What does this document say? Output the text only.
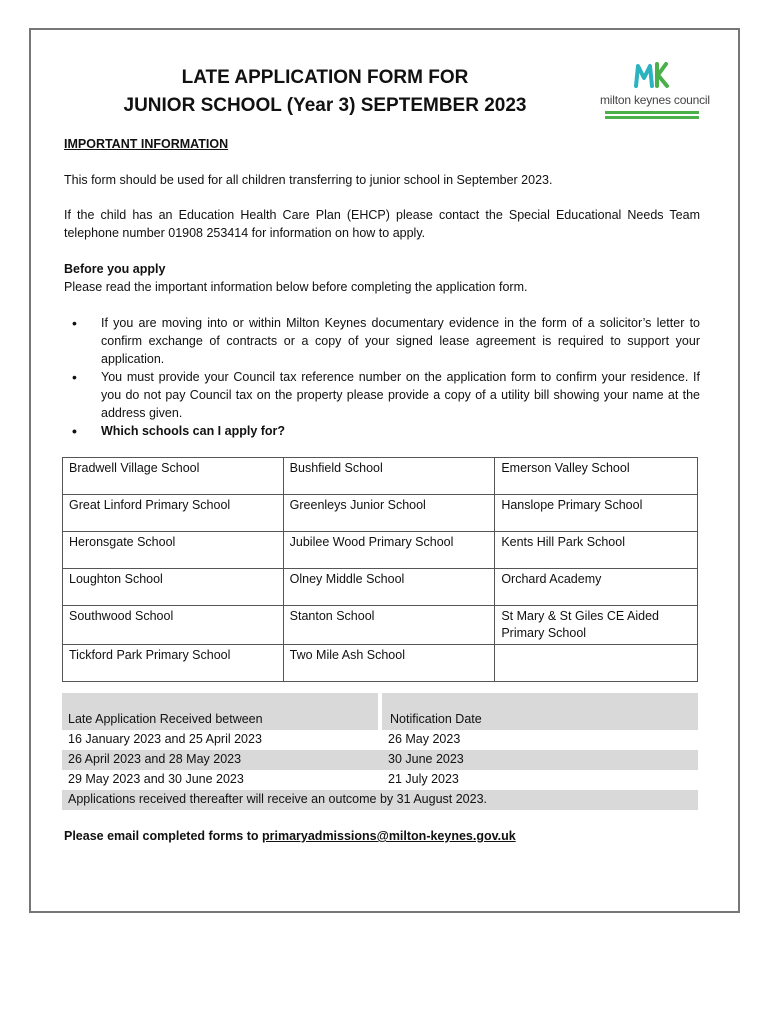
LATE APPLICATION FORM FOR
JUNIOR SCHOOL (Year 3) SEPTEMBER 2023	milton keynes council
IMPORTANT INFORMATION
This form should be used for all children transferring to junior school in September 2023.
If the child has an Education Health Care Plan (EHCP) please contact the Special Educational Needs Team telephone number 01908 253414 for information on how to apply.
Before you apply
Please read the important information below before completing the application form.
• If you are moving into or within Milton Keynes documentary evidence in the form of a solicitor’s letter to confirm exchange of contracts or a copy of your signed lease agreement is required to support your application.
• You must provide your Council tax reference number on the application form to confirm your residence. If you do not pay Council tax on the property please provide a copy of a utility bill showing your name at the address given.
• Which schools can I apply for?
Bradwell Village School	Bushfield School	Emerson Valley School
Great Linford Primary School	Greenleys Junior School	Hanslope Primary School
Heronsgate School	Jubilee Wood Primary School	Kents Hill Park School
Loughton School	Olney Middle School	Orchard Academy
Southwood School	Stanton School	St Mary & St Giles CE Aided Primary School
Tickford Park Primary School	Two Mile Ash School	
Late Application Received between	Notification Date
16 January 2023 and 25 April 2023	26 May 2023
26 April 2023 and 28 May 2023	30 June 2023
29 May 2023 and 30 June 2023	21 July 2023
Applications received thereafter will receive an outcome by 31 August 2023.
Please email completed forms to primaryadmissions@milton-keynes.gov.uk
